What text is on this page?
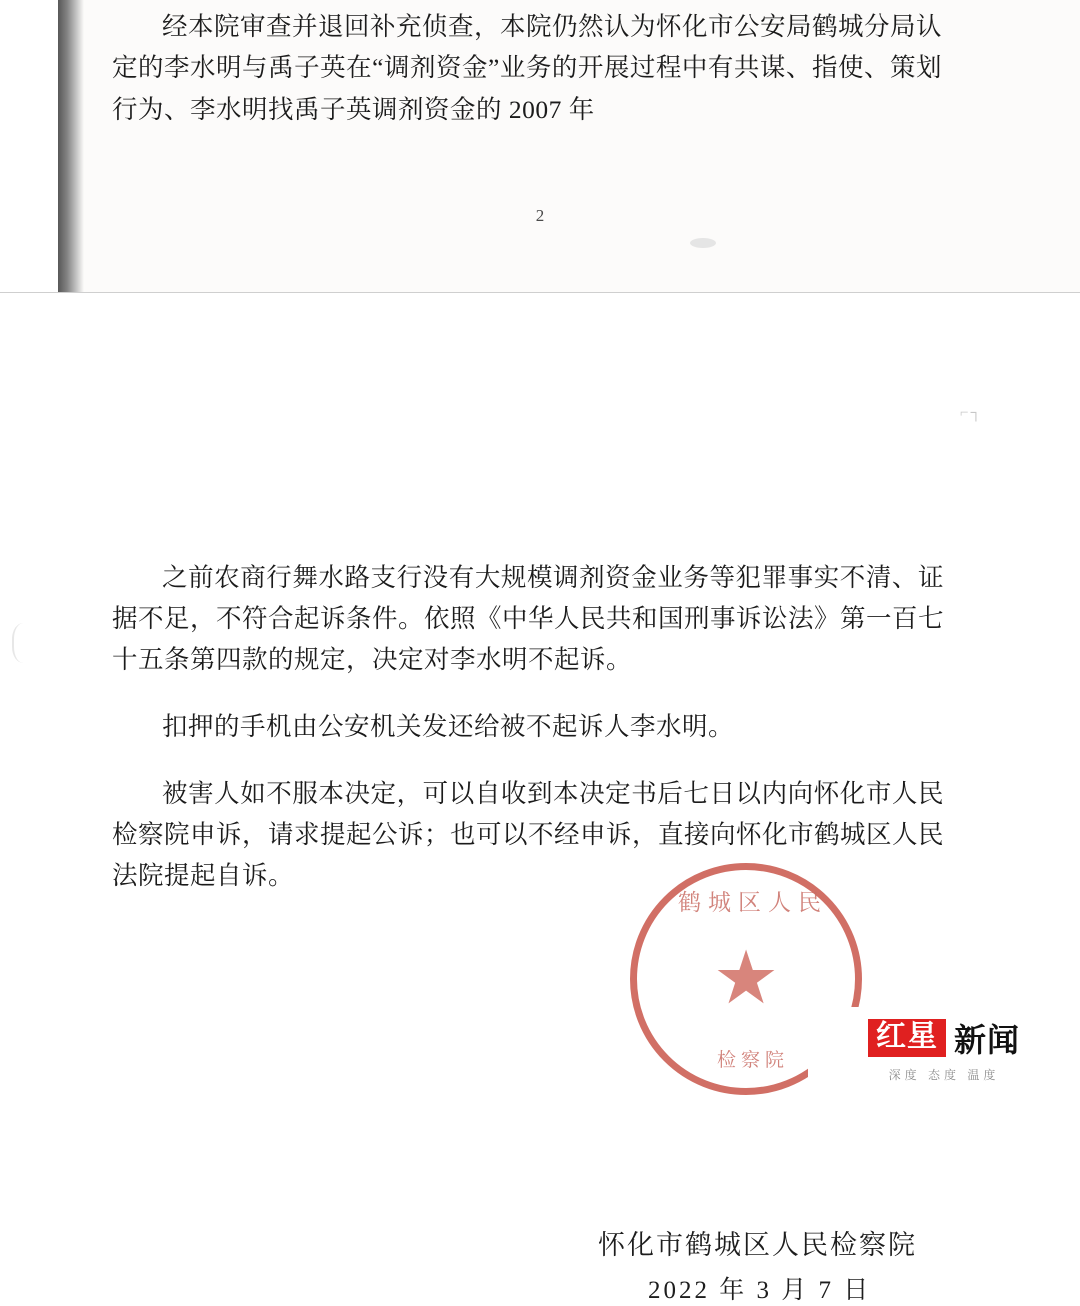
经本院审查并退回补充侦查，本院仍然认为怀化市公安局鹤城分局认定的李水明与禹子英在“调剂资金”业务的开展过程中有共谋、指使、策划行为、李水明找禹子英调剂资金的 2007 年
2
⌐┐

之前农商行舞水路支行没有大规模调剂资金业务等犯罪事实不清、证据不足，不符合起诉条件。依照《中华人民共和国刑事诉讼法》第一百七十五条第四款的规定，决定对李水明不起诉。

扣押的手机由公安机关发还给被不起诉人李水明。

被害人如不服本决定，可以自收到本决定书后七日以内向怀化市人民检察院申诉，请求提起公诉；也可以不经申诉，直接向怀化市鹤城区人民法院提起自诉。

鹤城区人民
★
检察院
怀化市鹤城区人民检察院
2022 年 3 月 7 日
红星 新闻
深度 态度 温度
